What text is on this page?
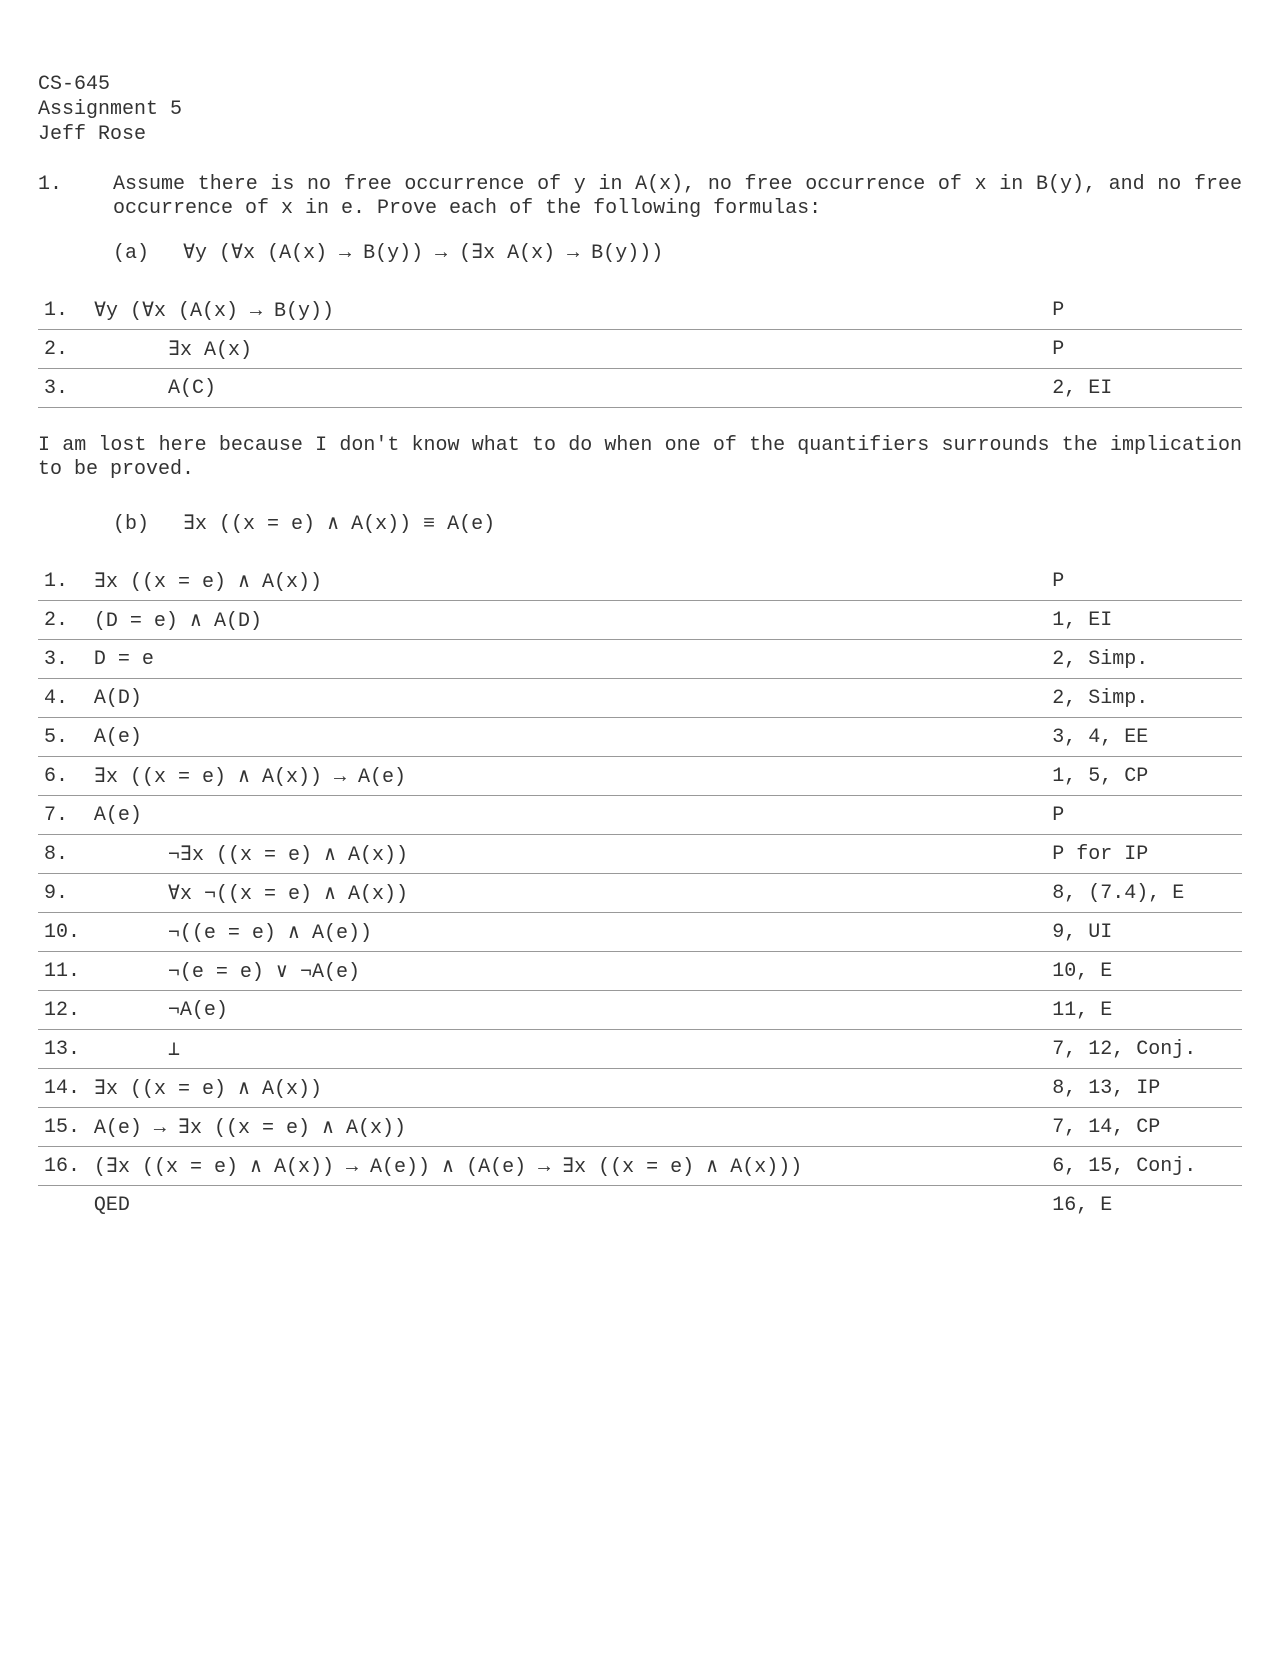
CS-645
Assignment 5
Jeff Rose
1.	Assume there is no free occurrence of y in A(x), no free occurrence of x in B(y), and no free occurrence of x in e. Prove each of the following formulas:
(a) ∀y (∀x (A(x) → B(y)) → (∃x A(x) → B(y)))
1.	∀y (∀x (A(x) → B(y))	P
2.	∃x A(x)	P
3.	A(C)	2, EI
I am lost here because I don't know what to do when one of the quantifiers surrounds the implication to be proved.
(b) ∃x ((x = e) ∧ A(x)) ≡ A(e)
1.	∃x ((x = e) ∧ A(x))	P
2.	(D = e) ∧ A(D)	1, EI
3.	D = e	2, Simp.
4.	A(D)	2, Simp.
5.	A(e)	3, 4, EE
6.	∃x ((x = e) ∧ A(x)) → A(e)	1, 5, CP
7.	A(e)	P
8.	¬∃x ((x = e) ∧ A(x))	P for IP
9.	∀x ¬((x = e) ∧ A(x))	8, (7.4), E
10.	¬((e = e) ∧ A(e))	9, UI
11.	¬(e = e) ∨ ¬A(e)	10, E
12.	¬A(e)	11, E
13.	⊥	7, 12, Conj.
14.	∃x ((x = e) ∧ A(x))	8, 13, IP
15.	A(e) → ∃x ((x = e) ∧ A(x))	7, 14, CP
16.	(∃x ((x = e) ∧ A(x)) → A(e)) ∧ (A(e) → ∃x ((x = e) ∧ A(x)))	6, 15, Conj.
	QED	16, E
